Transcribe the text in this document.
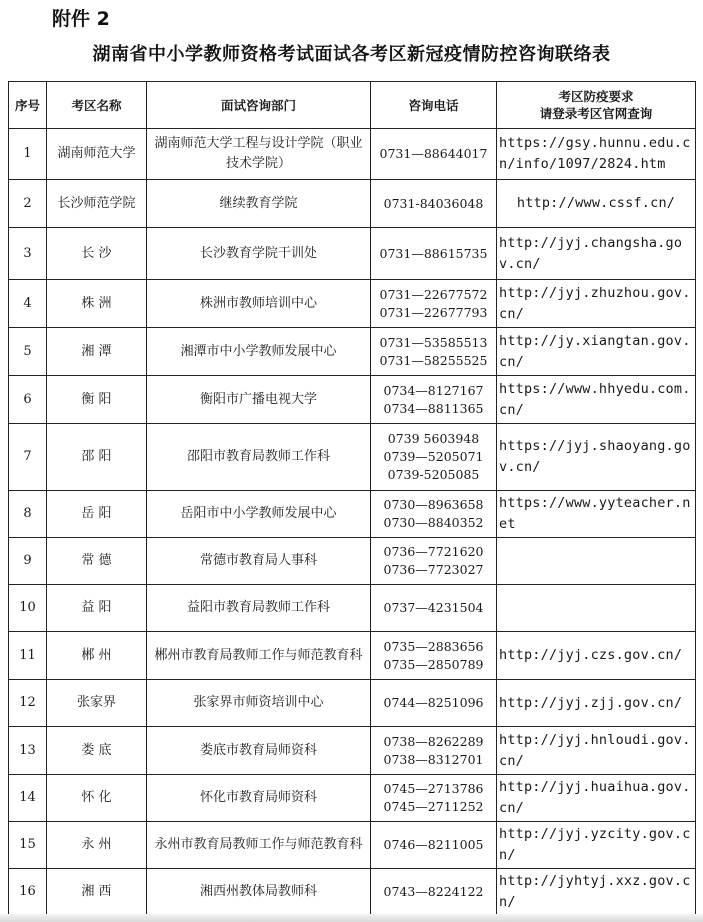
附件 2
湖南省中小学教师资格考试面试各考区新冠疫情防控咨询联络表
序号	考区名称	面试咨询部门	咨询电话	考区防疫要求
请登录考区官网查询

1	湖南师范大学	湖南师范大学工程与设计学院（职业技术学院）	0731—88644017	https://gsy.hunnu.edu.cn/info/1097/2824.htm
2	长沙师范学院	继续教育学院	0731-84036048	http://www.cssf.cn/
3	长 沙	长沙教育学院干训处	0731—88615735	http://jyj.changsha.gov.cn/
4	株 洲	株洲市教师培训中心	0731—22677572
0731—22677793	http://jyj.zhuzhou.gov.cn/
5	湘 潭	湘潭市中小学教师发展中心	0731—53585513
0731—58255525	http://jy.xiangtan.gov.cn/
6	衡 阳	衡阳市广播电视大学	0734—8127167
0734—8811365	https://www.hhyedu.com.cn/
7	邵 阳	邵阳市教育局教师工作科	0739 5603948
0739—5205071
0739-5205085	https://jyj.shaoyang.gov.cn/
8	岳 阳	岳阳市中小学教师发展中心	0730—8963658
0730—8840352	https://www.yyteacher.net
9	常 德	常德市教育局人事科	0736—7721620
0736—7723027	

10	益 阳	益阳市教育局教师工作科	0737—4231504	

11	郴 州	郴州市教育局教师工作与师范教育科	0735—2883656
0735—2850789	http://jyj.czs.gov.cn/
12	张家界	张家界市师资培训中心	0744—8251096	http://jyj.zjj.gov.cn/
13	娄 底	娄底市教育局师资科	0738—8262289
0738—8312701	http://jyj.hnloudi.gov.cn/
14	怀 化	怀化市教育局师资科	0745—2713786
0745—2711252	http://jyj.huaihua.gov.cn/
15	永 州	永州市教育局教师工作与师范教育科	0746—8211005	http://jyj.yzcity.gov.cn/
16	湘 西	湘西州教体局教师科	0743—8224122	http://jyhtyj.xxz.gov.cn/
